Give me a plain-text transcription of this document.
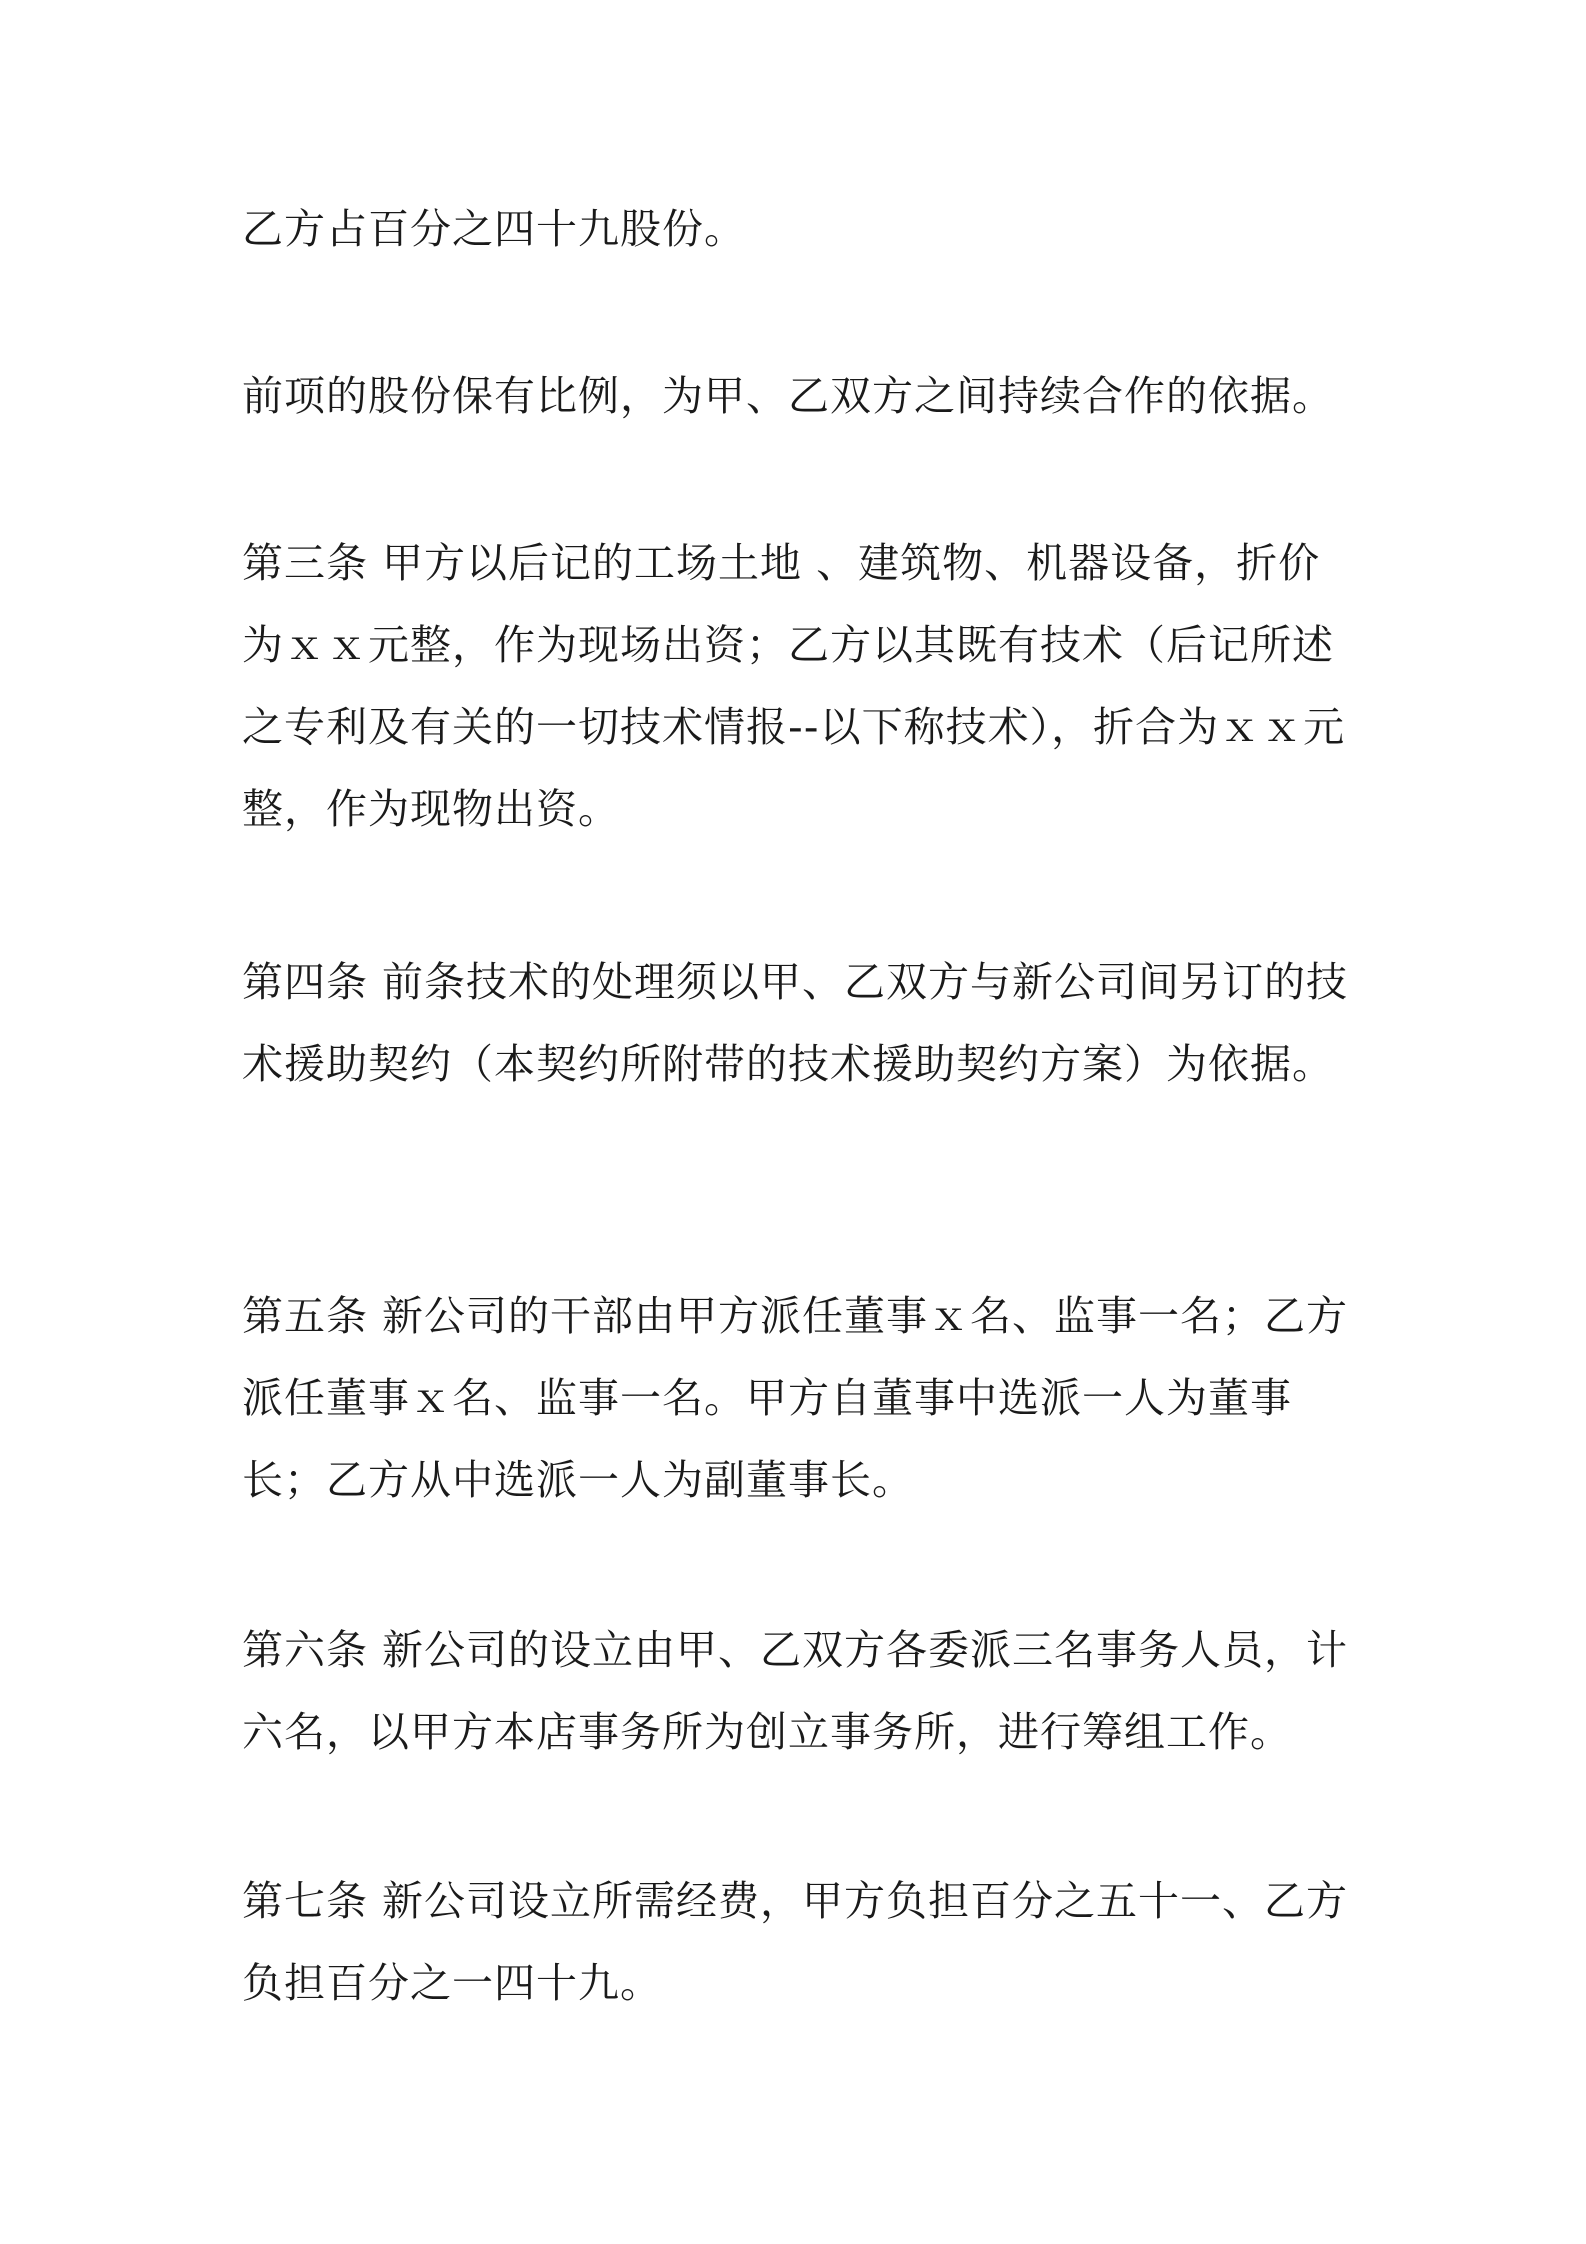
乙方占百分之四十九股份。

前项的股份保有比例，为甲、乙双方之间持续合作的依据。

第三条 甲方以后记的工场土地 、建筑物、机器设备，折价为ｘｘ元整，作为现场出资；乙方以其既有技术（后记所述之专利及有关的一切技术情报--以下称技术），折合为ｘｘ元整，作为现物出资。

第四条 前条技术的处理须以甲、乙双方与新公司间另订的技术援助契约（本契约所附带的技术援助契约方案）为依据。

第五条 新公司的干部由甲方派任董事ｘ名、监事一名；乙方派任董事ｘ名、监事一名。甲方自董事中选派一人为董事长；乙方从中选派一人为副董事长。

第六条 新公司的设立由甲、乙双方各委派三名事务人员，计六名，以甲方本店事务所为创立事务所，进行筹组工作。

第七条 新公司设立所需经费，甲方负担百分之五十一、乙方负担百分之一四十九。
